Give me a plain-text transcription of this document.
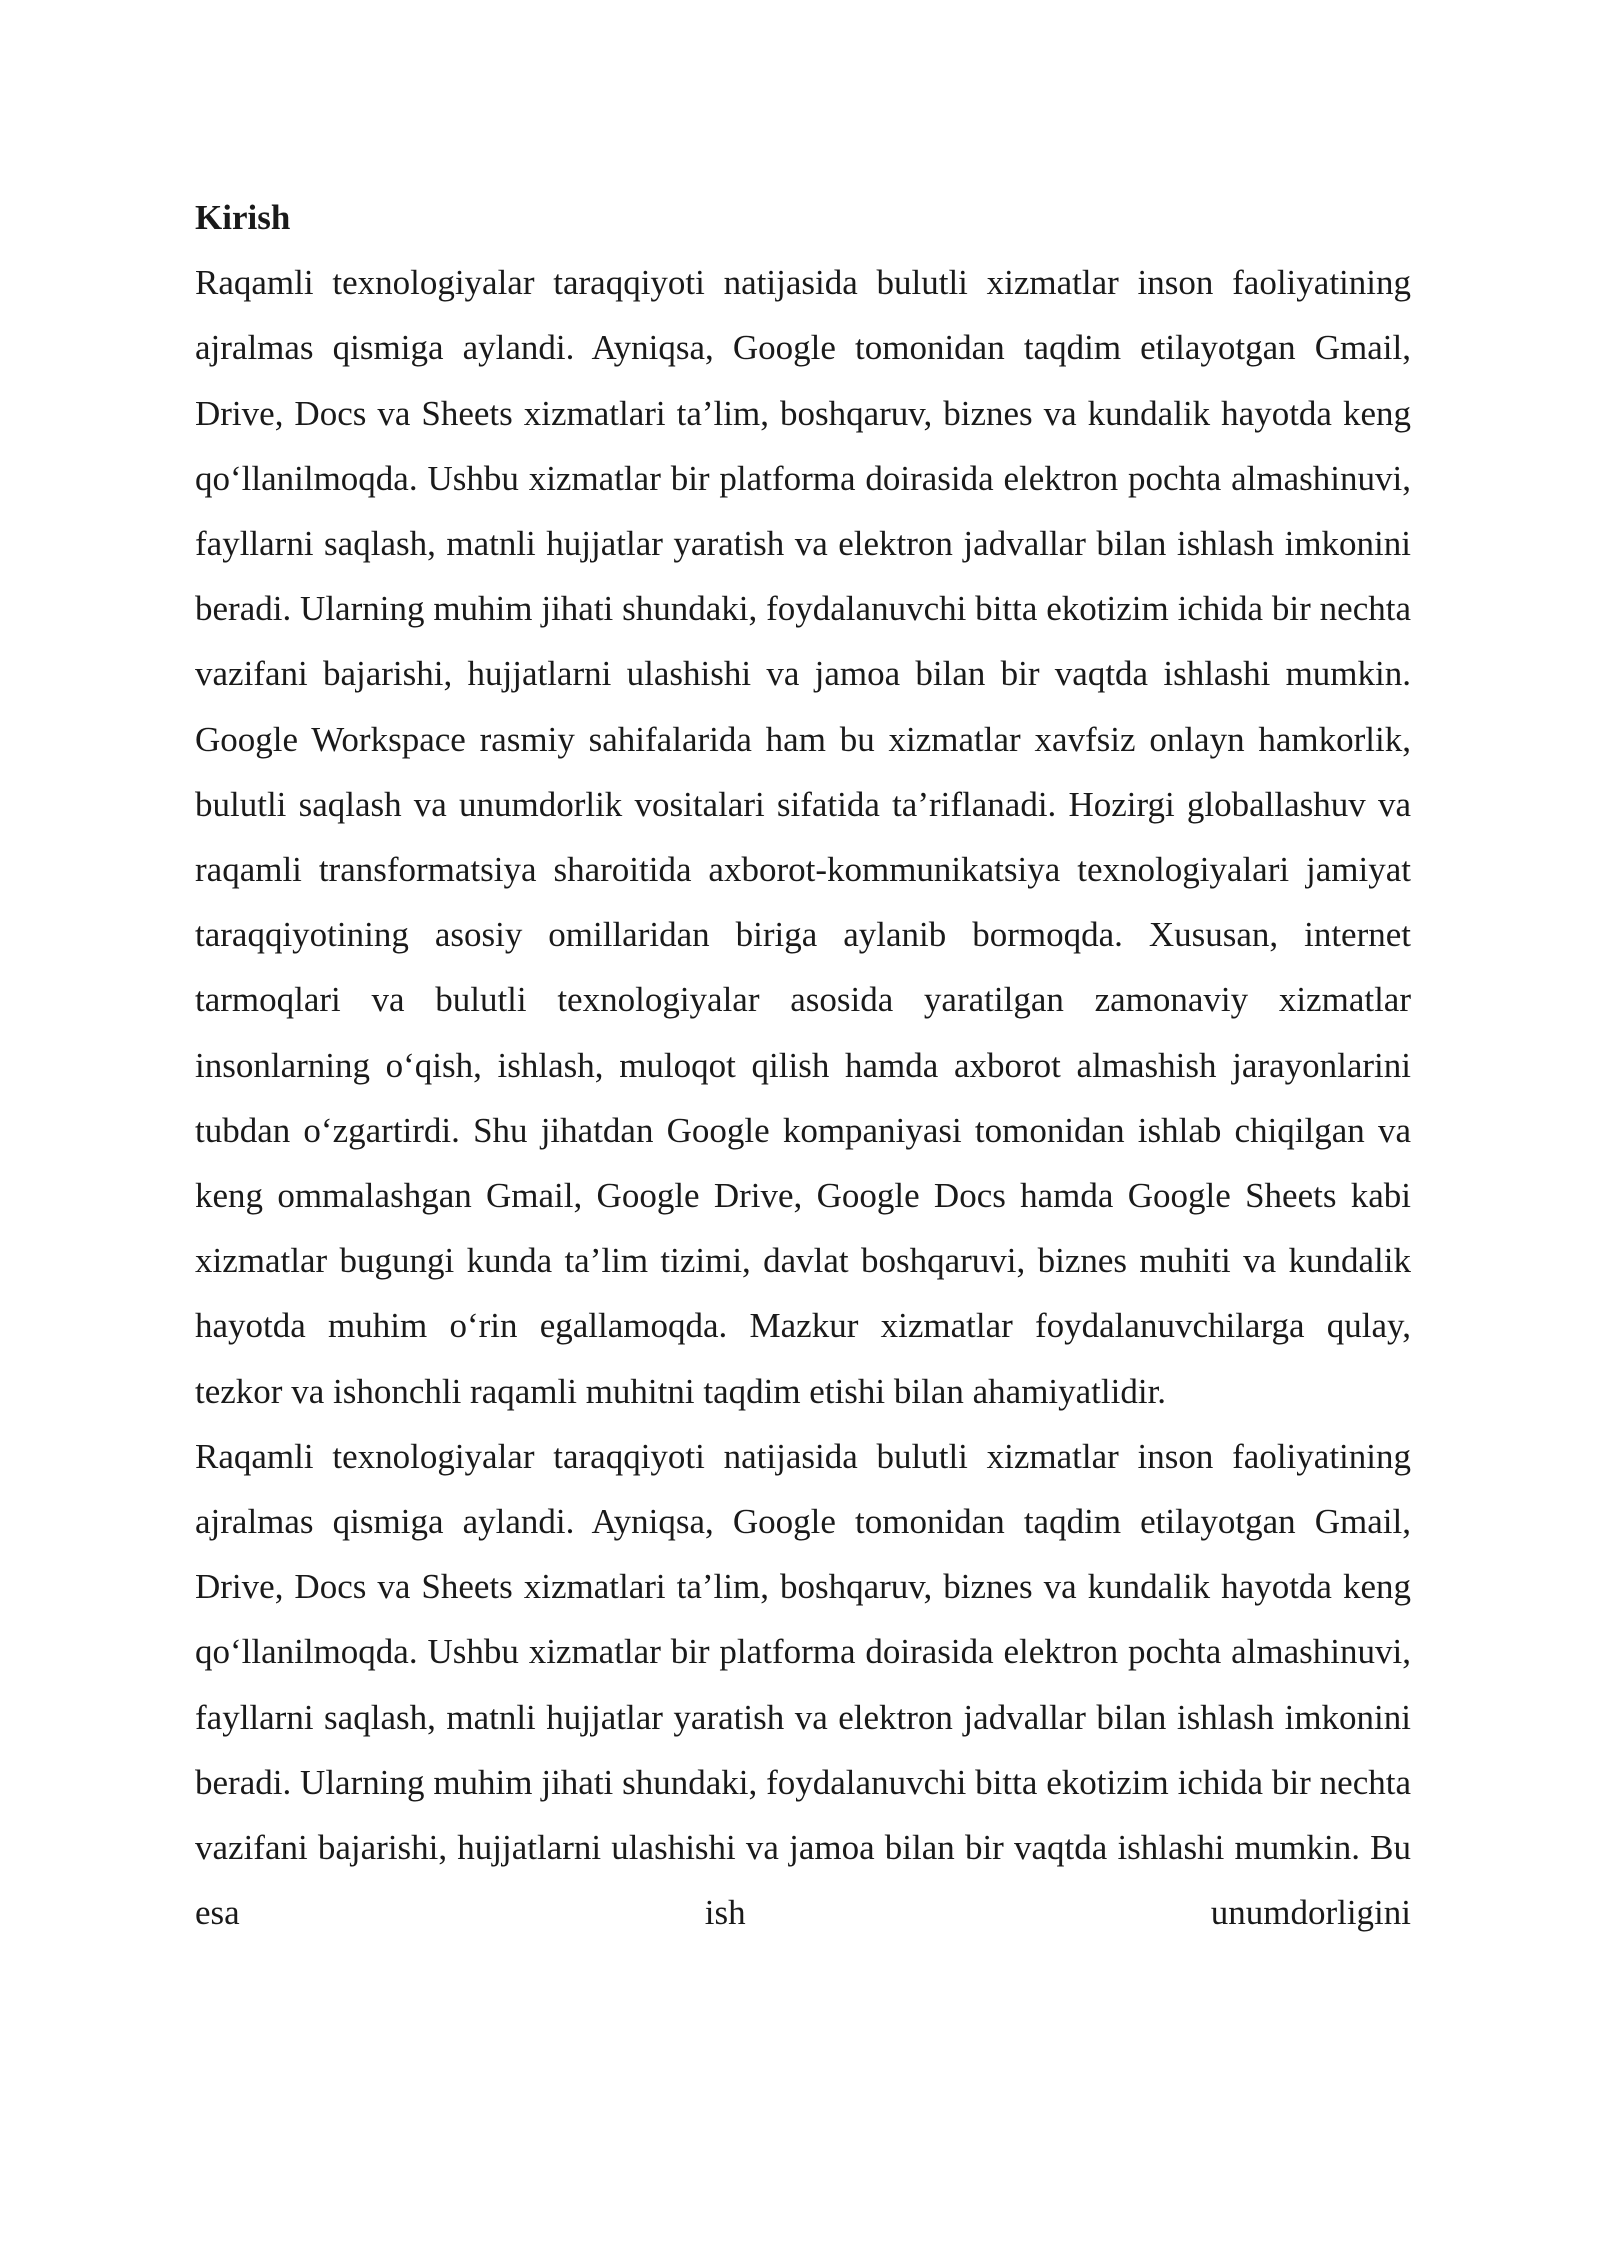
Kirish

Raqamli texnologiyalar taraqqiyoti natijasida bulutli xizmatlar inson faoliyatining ajralmas qismiga aylandi. Ayniqsa, Google tomonidan taqdim etilayotgan Gmail, Drive, Docs va Sheets xizmatlari ta’lim, boshqaruv, biznes va kundalik hayotda keng qo‘llanilmoqda. Ushbu xizmatlar bir platforma doirasida elektron pochta almashinuvi, fayllarni saqlash, matnli hujjatlar yaratish va elektron jadvallar bilan ishlash imkonini beradi. Ularning muhim jihati shundaki, foydalanuvchi bitta ekotizim ichida bir nechta vazifani bajarishi, hujjatlarni ulashishi va jamoa bilan bir vaqtda ishlashi mumkin. Google Workspace rasmiy sahifalarida ham bu xizmatlar xavfsiz onlayn hamkorlik, bulutli saqlash va unumdorlik vositalari sifatida ta’riflanadi. Hozirgi globallashuv va raqamli transformatsiya sharoitida axborot-kommunikatsiya texnologiyalari jamiyat taraqqiyotining asosiy omillaridan biriga aylanib bormoqda. Xususan, internet tarmoqlari va bulutli texnologiyalar asosida yaratilgan zamonaviy xizmatlar insonlarning o‘qish, ishlash, muloqot qilish hamda axborot almashish jarayonlarini tubdan o‘zgartirdi. Shu jihatdan Google kompaniyasi tomonidan ishlab chiqilgan va keng ommalashgan Gmail, Google Drive, Google Docs hamda Google Sheets kabi xizmatlar bugungi kunda ta’lim tizimi, davlat boshqaruvi, biznes muhiti va kundalik hayotda muhim o‘rin egallamoqda. Mazkur xizmatlar foydalanuvchilarga qulay, tezkor va ishonchli raqamli muhitni taqdim etishi bilan ahamiyatlidir.

Raqamli texnologiyalar taraqqiyoti natijasida bulutli xizmatlar inson faoliyatining ajralmas qismiga aylandi. Ayniqsa, Google tomonidan taqdim etilayotgan Gmail, Drive, Docs va Sheets xizmatlari ta’lim, boshqaruv, biznes va kundalik hayotda keng qo‘llanilmoqda. Ushbu xizmatlar bir platforma doirasida elektron pochta almashinuvi, fayllarni saqlash, matnli hujjatlar yaratish va elektron jadvallar bilan ishlash imkonini beradi. Ularning muhim jihati shundaki, foydalanuvchi bitta ekotizim ichida bir nechta vazifani bajarishi, hujjatlarni ulashishi va jamoa bilan bir vaqtda ishlashi mumkin. Bu esa ish unumdorligini
